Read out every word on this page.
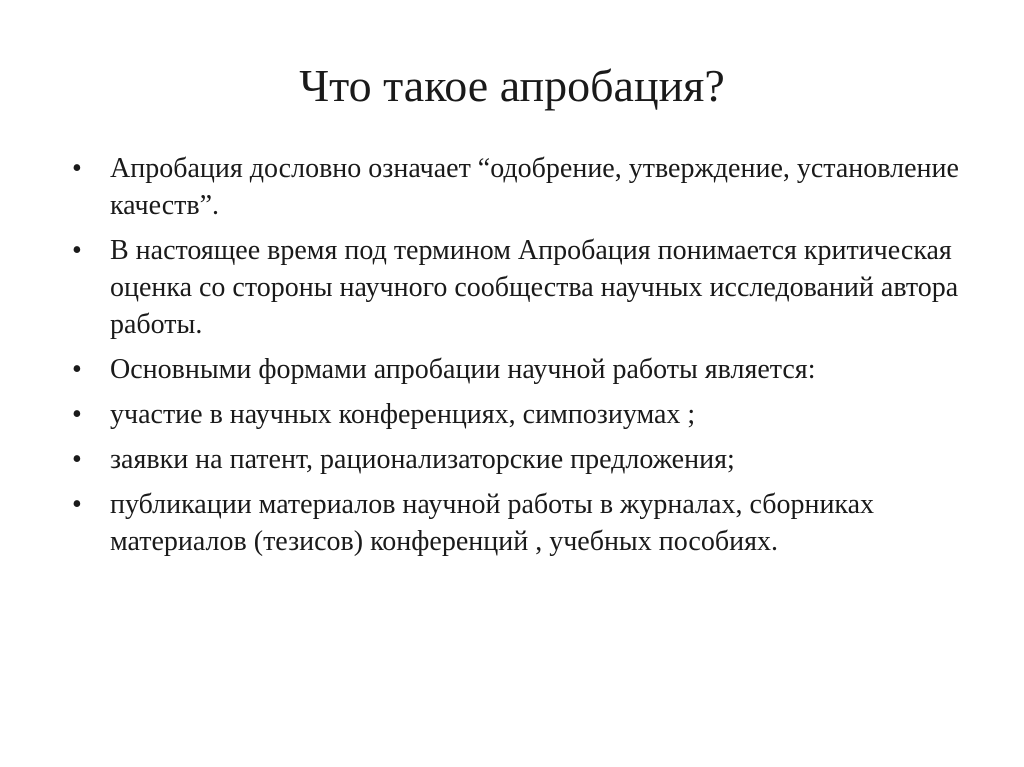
Что такое апробация?
• Апробация дословно означает “одобрение, утверждение, установление качеств”.
• В настоящее время под термином Апробация понимается критическая оценка со стороны научного сообщества научных исследований автора работы.
• Основными формами апробации научной работы является:
• участие в научных конференциях, симпозиумах ;
• заявки на патент, рационализаторские предложения;
• публикации материалов научной работы в журналах, сборниках материалов (тезисов) конференций , учебных пособиях.
